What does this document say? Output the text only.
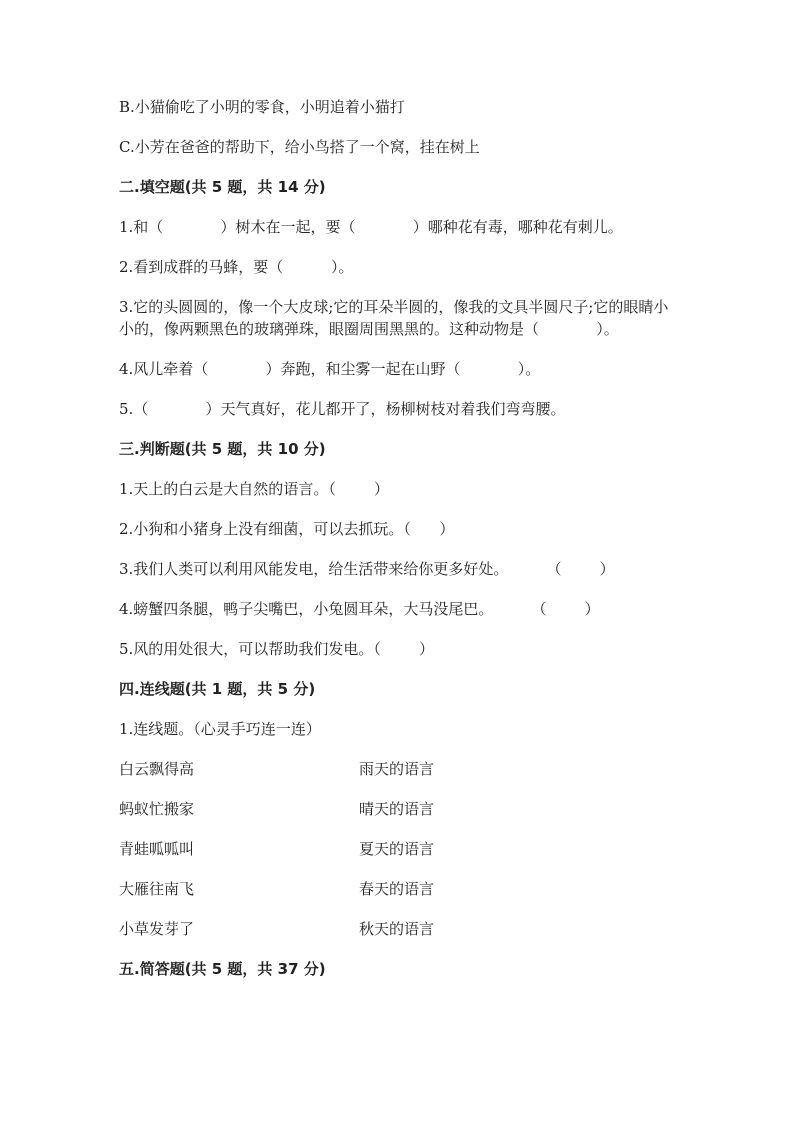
B.小猫偷吃了小明的零食，小明追着小猫打

C.小芳在爸爸的帮助下，给小鸟搭了一个窝，挂在树上

二.填空题(共 5 题，共 14 分)

1.和（            ）树木在一起，要（            ）哪种花有毒，哪种花有刺儿。

2.看到成群的马蜂，要（          ）。

3.它的头圆圆的，像一个大皮球;它的耳朵半圆的，像我的文具半圆尺子;它的眼睛小小的，像两颗黑色的玻璃弹珠，眼圈周围黑黑的。这种动物是（            ）。

4.风儿牵着（            ）奔跑，和尘雾一起在山野（            ）。

5.（            ）天气真好，花儿都开了，杨柳树枝对着我们弯弯腰。

三.判断题(共 5 题，共 10 分)

1.天上的白云是大自然的语言。（        ）

2.小狗和小猪身上没有细菌，可以去抓玩。（      ）

3.我们人类可以利用风能发电，给生活带来给你更多好处。        （        ）

4.螃蟹四条腿，鸭子尖嘴巴，小兔圆耳朵，大马没尾巴。        （        ）

5.风的用处很大，可以帮助我们发电。（        ）

四.连线题(共 1 题，共 5 分)

1.连线题。（心灵手巧连一连）

白云飘得高	雨天的语言
蚂蚁忙搬家	晴天的语言
青蛙呱呱叫	夏天的语言
大雁往南飞	春天的语言
小草发芽了	秋天的语言

五.简答题(共 5 题，共 37 分)
